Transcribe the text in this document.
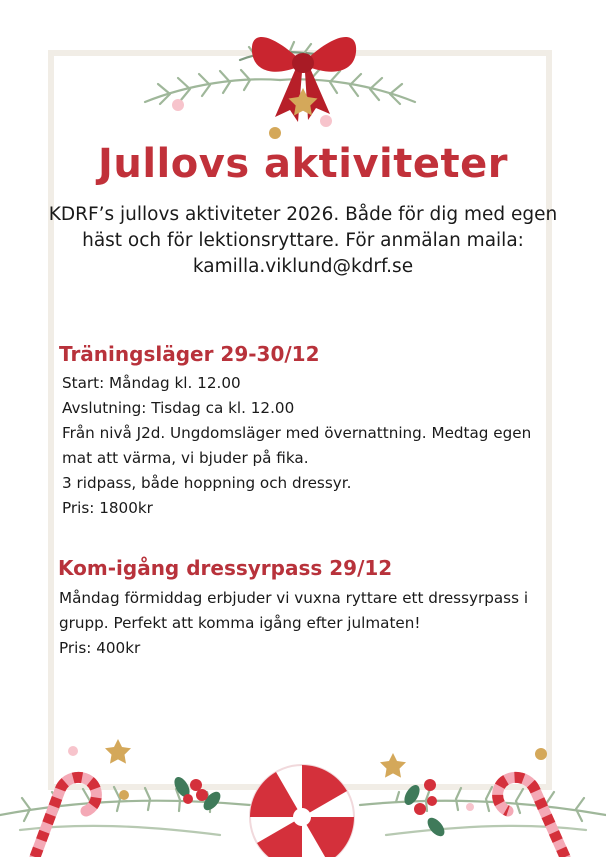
Jullovs aktiviteter

KDRF’s jullovs aktiviteter 2026. Både för dig med egen häst och för lektionsryttare. För anmälan maila: kamilla.viklund@kdrf.se

Träningsläger 29-30/12
Start: Måndag kl. 12.00
Avslutning: Tisdag ca kl. 12.00
Från nivå J2d. Ungdomsläger med övernattning. Medtag egen mat att värma, vi bjuder på fika.
3 ridpass, både hoppning och dressyr.
Pris: 1800kr
Kom-igång dressyrpass 29/12
Måndag förmiddag erbjuder vi vuxna ryttare ett dressyrpass i grupp. Perfekt att komma igång efter julmaten!
Pris: 400kr
